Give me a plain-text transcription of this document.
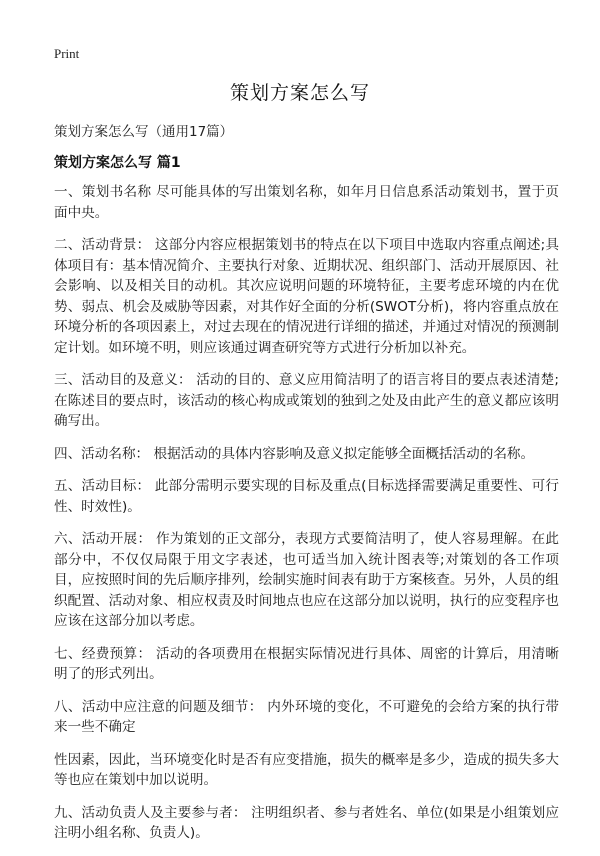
Print
策划方案怎么写
策划方案怎么写（通用17篇）
策划方案怎么写 篇1

一、策划书名称 尽可能具体的写出策划名称，如年月日信息系活动策划书，置于页面中央。

二、活动背景： 这部分内容应根据策划书的特点在以下项目中选取内容重点阐述;具体项目有：基本情况简介、主要执行对象、近期状况、组织部门、活动开展原因、社会影响、以及相关目的动机。其次应说明问题的环境特征，主要考虑环境的内在优势、弱点、机会及威胁等因素，对其作好全面的分析(SWOT分析)，将内容重点放在环境分析的各项因素上，对过去现在的情况进行详细的描述，并通过对情况的预测制定计划。如环境不明，则应该通过调查研究等方式进行分析加以补充。

三、活动目的及意义： 活动的目的、意义应用简洁明了的语言将目的要点表述清楚;在陈述目的要点时，该活动的核心构成或策划的独到之处及由此产生的意义都应该明确写出。

四、活动名称： 根据活动的具体内容影响及意义拟定能够全面概括活动的名称。

五、活动目标： 此部分需明示要实现的目标及重点(目标选择需要满足重要性、可行性、时效性)。

六、活动开展： 作为策划的正文部分，表现方式要简洁明了，使人容易理解。在此部分中，不仅仅局限于用文字表述，也可适当加入统计图表等;对策划的各工作项目，应按照时间的先后顺序排列，绘制实施时间表有助于方案核查。另外，人员的组织配置、活动对象、相应权责及时间地点也应在这部分加以说明，执行的应变程序也应该在这部分加以考虑。

七、经费预算： 活动的各项费用在根据实际情况进行具体、周密的计算后，用清晰明了的形式列出。

八、活动中应注意的问题及细节： 内外环境的变化，不可避免的会给方案的执行带来一些不确定

性因素，因此，当环境变化时是否有应变措施，损失的概率是多少，造成的损失多大等也应在策划中加以说明。

九、活动负责人及主要参与者： 注明组织者、参与者姓名、单位(如果是小组策划应注明小组名称、负责人)。
